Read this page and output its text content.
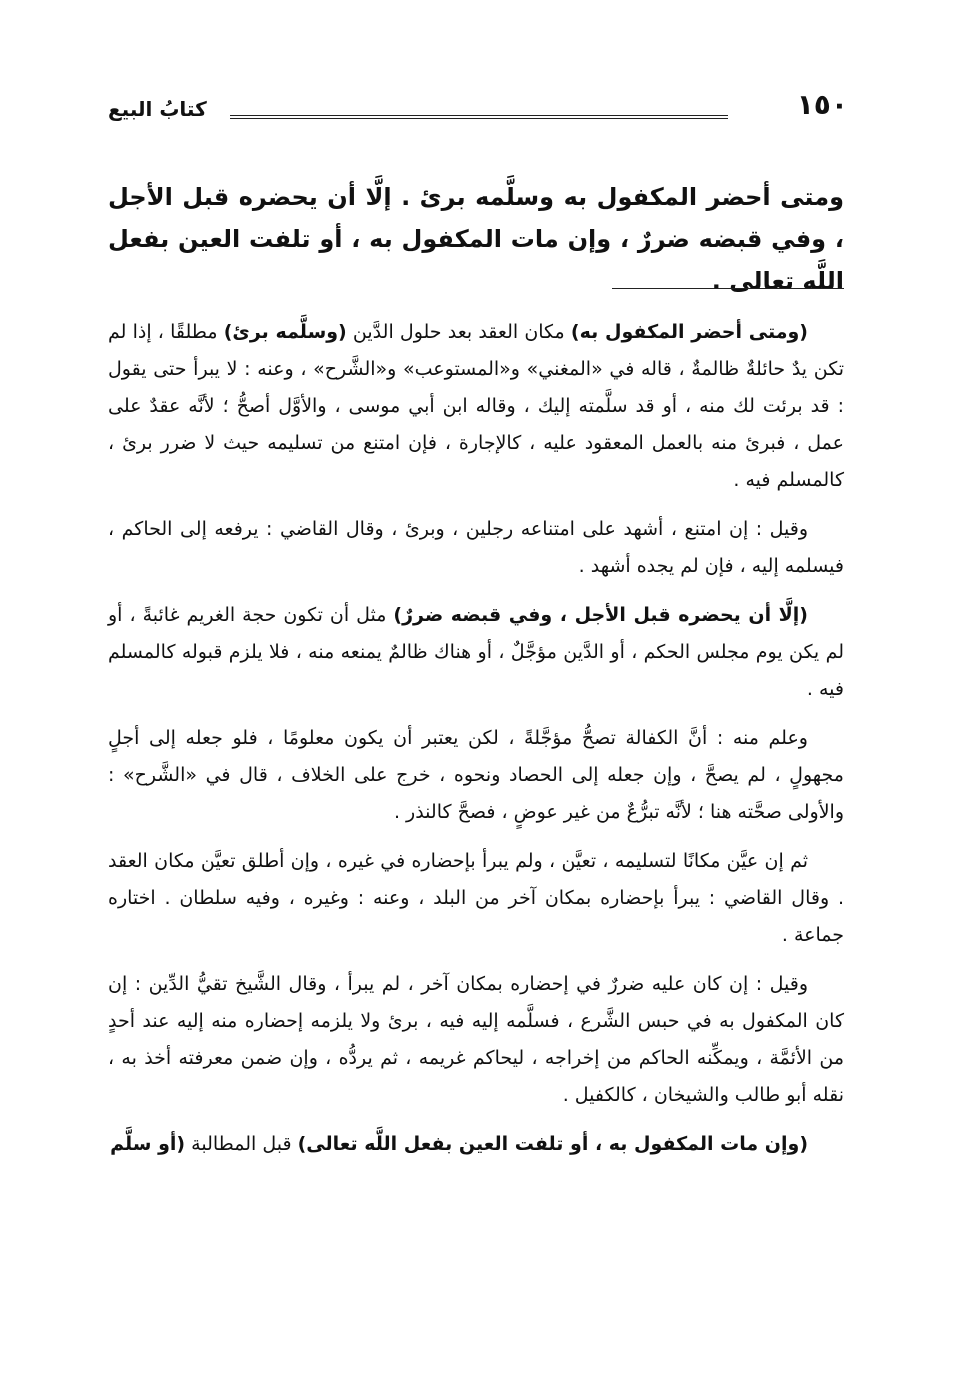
١٥٠
كتابُ البيع
ومتى أحضر المكفول به وسلَّمه برئ . إلَّا أن يحضره قبل الأجل ، وفي قبضه ضررٌ ، وإن مات المكفول به ، أو تلفت العين بفعل اللَّه تعالى .

(ومتى أحضر المكفول به) مكان العقد بعد حلول الدَّين (وسلَّمه برئ) مطلقًا ، إذا لم تكن يدٌ حائلةٌ ظالمةٌ ، قاله في «المغني» و«المستوعب» و«الشَّرح» ، وعنه : لا يبرأ حتى يقول : قد برئت لك منه ، أو قد سلَّمته إليك ، وقاله ابن أبي موسى ، والأوَّل أصحُّ ؛ لأنَّه عقدٌ على عمل ، فبرئ منه بالعمل المعقود عليه ، كالإجارة ، فإن امتنع من تسليمه حيث لا ضرر برئ ، كالمسلم فيه .

وقيل : إن امتنع ، أشهد على امتناعه رجلين ، وبرئ ، وقال القاضي : يرفعه إلى الحاكم ، فيسلمه إليه ، فإن لم يجده أشهد .

(إلَّا أن يحضره قبل الأجل ، وفي قبضه ضررٌ) مثل أن تكون حجة الغريم غائبةً ، أو لم يكن يوم مجلس الحكم ، أو الدَّين مؤجَّلٌ ، أو هناك ظالمٌ يمنعه منه ، فلا يلزم قبوله كالمسلم فيه .

وعلم منه : أنَّ الكفالة تصحُّ مؤجَّلةً ، لكن يعتبر أن يكون معلومًا ، فلو جعله إلى أجلٍ مجهولٍ ، لم يصحَّ ، وإن جعله إلى الحصاد ونحوه ، خرج على الخلاف ، قال في «الشَّرح» : والأولى صحَّته هنا ؛ لأنَّه تبرُّعٌ من غير عوضٍ ، فصحَّ كالنذر .

ثم إن عيَّن مكانًا لتسليمه ، تعيَّن ، ولم يبرأ بإحضاره في غيره ، وإن أطلق تعيَّن مكان العقد . وقال القاضي : يبرأ بإحضاره بمكان آخر من البلد ، وعنه : وغيره ، وفيه سلطان . اختاره جماعة .

وقيل : إن كان عليه ضررٌ في إحضاره بمكان آخر ، لم يبرأ ، وقال الشَّيخ تقيُّ الدِّين : إن كان المكفول به في حبس الشَّرع ، فسلَّمه إليه فيه ، برئ ولا يلزمه إحضاره منه إليه عند أحدٍ من الأئمَّة ، ويمكِّنه الحاكم من إخراجه ، ليحاكم غريمه ، ثم يردُّه ، وإن ضمن معرفته أخذ به ، نقله أبو طالب والشيخان ، كالكفيل .

(وإن مات المكفول به ، أو تلفت العين بفعل اللَّه تعالى) قبل المطالبة (أو سلَّم
